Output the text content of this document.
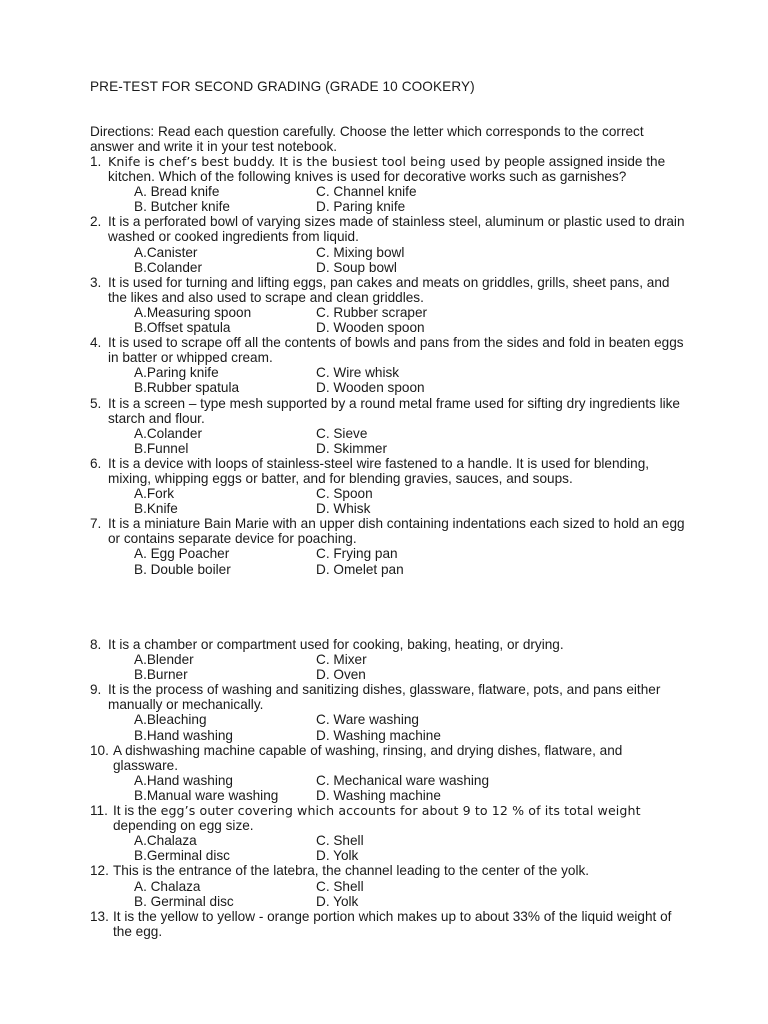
PRE-TEST FOR SECOND GRADING (GRADE 10 COOKERY)
Directions: Read each question carefully. Choose the letter which corresponds to the correct answer and write it in your test notebook.
1. Knife is chef’s best buddy. It is the busiest tool being used by people assigned inside the kitchen. Which of the following knives is used for decorative works such as garnishes?
A. Bread knife	C. Channel knife
B. Butcher knife	D. Paring knife
2. It is a perforated bowl of varying sizes made of stainless steel, aluminum or plastic used to drain washed or cooked ingredients from liquid.
A.Canister	C. Mixing bowl
B.Colander	D. Soup bowl
3. It is used for turning and lifting eggs, pan cakes and meats on griddles, grills, sheet pans, and the likes and also used to scrape and clean griddles.
A.Measuring spoon	C. Rubber scraper
B.Offset spatula	D. Wooden spoon
4. It is used to scrape off all the contents of bowls and pans from the sides and fold in beaten eggs in batter or whipped cream.
A.Paring knife	C. Wire whisk
B.Rubber spatula	D. Wooden spoon
5. It is a screen – type mesh supported by a round metal frame used for sifting dry ingredients like starch and flour.
A.Colander	C. Sieve
B.Funnel	D. Skimmer
6. It is a device with loops of stainless-steel wire fastened to a handle. It is used for blending, mixing, whipping eggs or batter, and for blending gravies, sauces, and soups.
A.Fork	C. Spoon
B.Knife	D. Whisk
7. It is a miniature Bain Marie with an upper dish containing indentations each sized to hold an egg or contains separate device for poaching.
A. Egg Poacher	C. Frying pan
B. Double boiler	D. Omelet pan
8. It is a chamber or compartment used for cooking, baking, heating, or drying.
A.Blender	C. Mixer
B.Burner	D. Oven
9. It is the process of washing and sanitizing dishes, glassware, flatware, pots, and pans either manually or mechanically.
A.Bleaching	C. Ware washing
B.Hand washing	D. Washing machine
10. A dishwashing machine capable of washing, rinsing, and drying dishes, flatware, and glassware.
A.Hand washing	C. Mechanical ware washing
B.Manual ware washing	D. Washing machine
11. It is the egg’s outer covering which accounts for about 9 to 12 % of its total weight depending on egg size.
A.Chalaza	C. Shell
B.Germinal disc	D. Yolk
12. This is the entrance of the latebra, the channel leading to the center of the yolk.
A. Chalaza	C. Shell
B. Germinal disc	D. Yolk
13. It is the yellow to yellow - orange portion which makes up to about 33% of the liquid weight of the egg.
